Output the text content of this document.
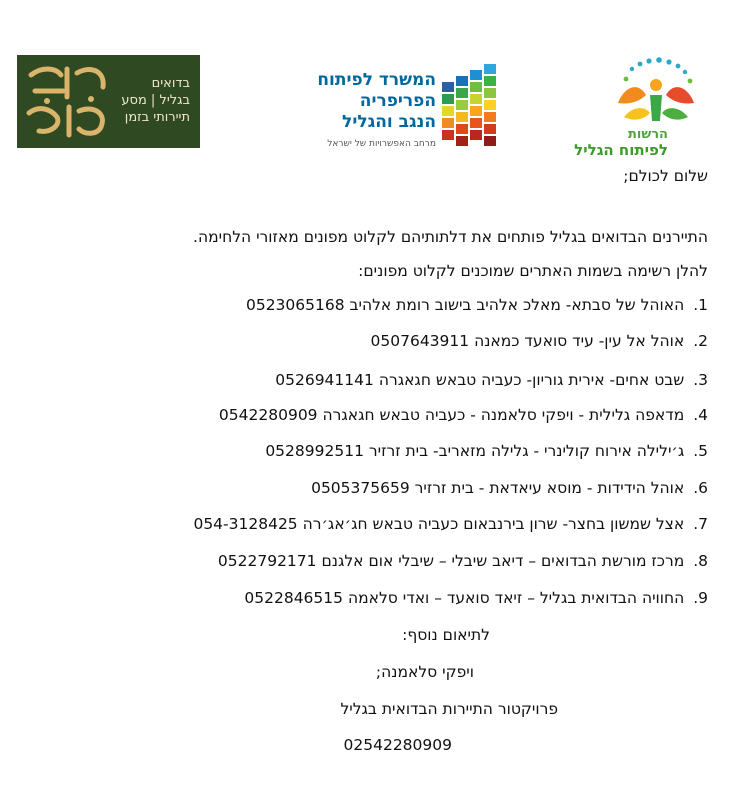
בדואים
בגליל | מסע
תיירותי בזמן
המשרד לפיתוח
הפריפריה
הנגב והגליל
מרחב האפשרויות של ישראל
הרשות
לפיתוח הגליל
שלום לכולם;
התיירנים הבדואים בגליל פותחים את דלתותיהם לקלוט מפונים מאזורי הלחימה.
להלן רשימה בשמות האתרים שמוכנים לקלוט מפונים:
1. האוהל של סבתא- מאלכ אלהיב בישוב רומת אלהיב 0523065168
2. אוהל אל עין- עיד סואעד כמאנה 0507643911
3. שבט אחים- אירית גוריון- כעביה טבאש חגאגרה 0526941141
4. מדאפה גלילית - ויפקי סלאמנה - כעביה טבאש חגאגרה 0542280909
5. ג׳ילילה אירוח קולינרי - גלילה מזאריב- בית זרזיר 0528992511
6. אוהל הידידות - מוסא עיאדאת - בית זרזיר 0505375659
7. אצל שמשון בחצר- שרון בירנבאום כעביה טבאש חג׳אג׳רה 054-3128425
8. מרכז מורשת הבדואים – דיאב שיבלי – שיבלי אום אלגנם 0522792171
9. החוויה הבדואית בגליל – זיאד סואעד – ואדי סלאמה 0522846515
לתיאום נוסף:
ויפקי סלאמנה;
פרויקטור התיירות הבדואית בגליל
02542280909
